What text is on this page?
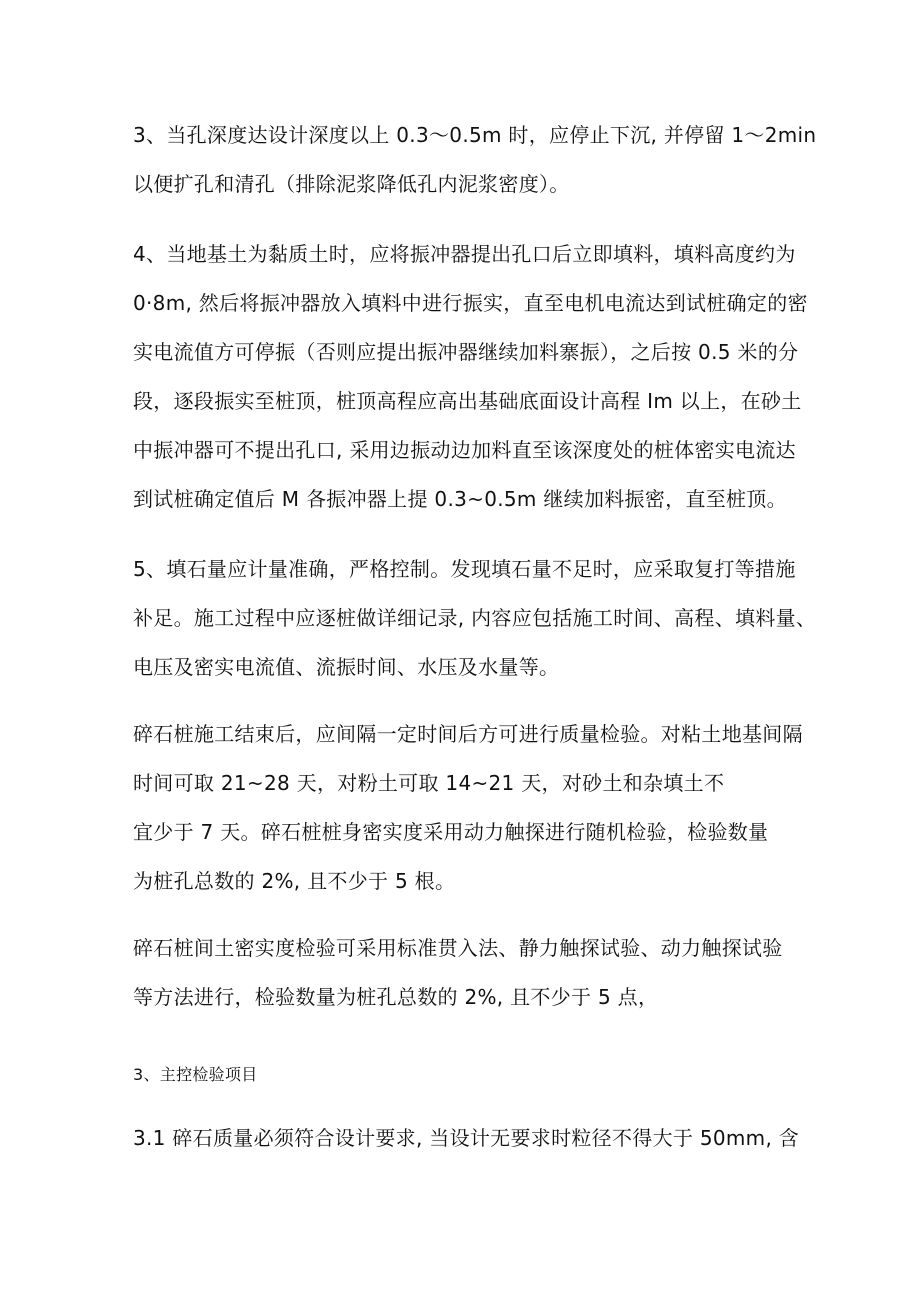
3、当孔深度达设计深度以上 0.3～0.5m 时，应停止下沉, 并停留 1～2min
以便扩孔和清孔（排除泥浆降低孔内泥浆密度）。
4、当地基土为黏质土时，应将振冲器提出孔口后立即填料，填料高度约为
0·8m, 然后将振冲器放入填料中进行振实，直至电机电流达到试桩确定的密
实电流值方可停振（否则应提出振冲器继续加料寨振），之后按 0.5 米的分
段，逐段振实至桩顶，桩顶高程应高出基础底面设计高程 Im 以上，在砂土
中振冲器可不提出孔口, 采用边振动边加料直至该深度处的桩体密实电流达
到试桩确定值后 M 各振冲器上提 0.3~0.5m 继续加料振密，直至桩顶。
5、填石量应计量准确，严格控制。发现填石量不足时，应采取复打等措施
补足。施工过程中应逐桩做详细记录, 内容应包括施工时间、高程、填料量、
电压及密实电流值、流振时间、水压及水量等。
碎石桩施工结束后，应间隔一定时间后方可进行质量检验。对粘土地基间隔
时间可取 21~28 天，对粉土可取 14~21 天，对砂土和杂填土不
宜少于 7 天。碎石桩桩身密实度采用动力触探进行随机检验，检验数量
为桩孔总数的 2%, 且不少于 5 根。
碎石桩间土密实度检验可采用标准贯入法、静力触探试验、动力触探试验
等方法进行，检验数量为桩孔总数的 2%, 且不少于 5 点，
3、主控检验项目
3.1 碎石质量必须符合设计要求, 当设计无要求时粒径不得大于 50mm, 含
